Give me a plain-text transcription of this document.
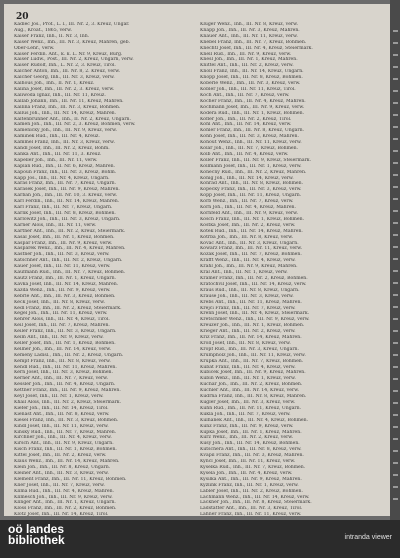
20
Kadlec Jos., Prof., L. l., III. Nr. 2, 3. Kreuz, Ungar.
Aug., Kroat., 1865, verw.
Kaiser Franz, Inh., II. Nr. 3, Inh.
Kaiser Wenz., Inh., III. Nr. 3, Kreuz, Mähren, geb.
Ober-Lehr., verw.
Kaiser Ferdin. Ant., k. k. L. Nr. 9, Kreuz, Bürg.
Kaiser Ludw., Post., III. Nr. 2, Kreuz, Ungarn, verw.
Kaiser Rudolf, Inh., L. Nr. 2, 3. Kreuz, Tirol.
Kalcher Anton, Inh., III. Nr. 8, 2. Kreuz, verw.
Kalcher Georg, Inh., III. Nr. 3, Kreuz, verw.
Kalhous Joh., Inh., II. Nr. 1, Kreuz.
Kalina Josef, Inh., III. Nr. 2, 3. Kreuz, verw.
Kaliwoda Ignaz, Inh., III. Nr. 11, Kreuz.
Kallab Johann, Inh., III. Nr. 11, Kreuz, Mähren.
Kallina Franz, Inh., III. Nr. 3, Kreuz, Böhmen.
Kallus Joh., Inh., III. Nr. 14, Kreuz, Mähren.
Kaltenbrunner Ant., Inh., II. Nr. 2, Kreuz, Ungarn.
Kamen Joh., Inh., III. Nr. 2, 3. Kreuz, Böhmen, verw.
Kamenicky Joh., Inh., III. Nr. 9, Kreuz, verw.
Kaminek Rud., Inh., III. Nr. 4, Kreuz.
Kammel Franz, Inh., III. Nr. 3, Kreuz, verw.
Kandl Josef, Inh., III. Nr. 2, Kreuz, Böhm.
Kanka Ant., Inh., III. Nr. 11, 3. Kreuz.
Kapeller Joh., Inh., III. Nr. 11, verw.
Kaplan Rud., Inh., II. Nr. 6, Kreuz, Mähren.
Kapoun Franz, Inh., III. Nr. 3, Kreuz, Böhm.
Kapp Jos., Inh., III. Nr. 4, Kreuz, Ungarn.
Karas Franz, Inh., III. Nr. 7, Kreuz, Ungarn.
Karasek Josef, Inh., III. Nr. 9, Kreuz, Mähren.
Karban Joh., Inh., III. Nr. 10, 3. Kreuz, verw.
Karl Ferdin., Inh., III. Nr. 14, Kreuz, Mähren.
Karl Franz, Inh., III. Nr. 7, Kreuz, Ungarn.
Karlik Josef, Inh., III. Nr. 8, Kreuz, Böhmen.
Karlowitz Joh., Inh., III. Nr. 3, Kreuz, Ungarn.
Karner Alois, Inh., III. Nr. 11, verw.
Kartner Ant., Inh., III. Nr. 2, Kreuz, Steiermark.
Kasal Josef, Inh., III. Nr. 1, Kreuz, Böhmen.
Kaspar Franz, Inh., III. Nr. 9, Kreuz, verw.
Kasparek Wenz., Inh., III. Nr. 4, Kreuz, Mähren.
Kastner Joh., Inh., III. Nr. 3, Kreuz, verw.
Katschner Ant., Inh., III. Nr. 2, Kreuz, Ungarn.
Kauer Josef, Inh., III. Nr. 11, Kreuz, verw.
Kaufmann Rud., Inh., III. Nr. 7, Kreuz, Böhmen.
Kautz Franz, Inh., III. Nr. 1, Kreuz, Ungarn.
Kavka Josef, Inh., III. Nr. 14, Kreuz, Mähren.
Kazda Wenz., Inh., III. Nr. 9, Kreuz, verw.
Kebrle Ant., Inh., III. Nr. 3, Kreuz, Böhmen.
Keck Josef, Inh., III. Nr. 8, Kreuz, verw.
Kedl Franz, Inh., III. Nr. 2, Kreuz, Steiermark.
Kegel Joh., Inh., III. Nr. 11, Kreuz, verw.
Kehrer Alois, Inh., III. Nr. 4, Kreuz, Tirol.
Keil Josef, Inh., III. Nr. 7, Kreuz, Mähren.
Keiler Franz, Inh., III. Nr. 3, Kreuz, Ungarn.
Keim Ant., Inh., III. Nr. 9, Kreuz, verw.
Keller Josef, Inh., III. Nr. 1, Kreuz, Böhmen.
Kellner Joh., Inh., III. Nr. 14, Kreuz, verw.
Kemeny Ladisl., Inh., III. Nr. 2, Kreuz, Ungarn.
Kempf Franz, Inh., III. Nr. 8, Kreuz, verw.
Kendl Rud., Inh., III. Nr. 11, Kreuz, Mähren.
Kern Josef, Inh., III. Nr. 3, Kreuz, Böhmen.
Kerner Ant., Inh., III. Nr. 7, Kreuz, verw.
Kessler Joh., Inh., III. Nr. 4, Kreuz, Ungarn.
Kettner Franz, Inh., III. Nr. 9, Kreuz, Mähren.
Keyl Josef, Inh., III. Nr. 1, Kreuz, verw.
Khail Alois, Inh., III. Nr. 2, Kreuz, Steiermark.
Kiefer Joh., Inh., III. Nr. 14, Kreuz, Tirol.
Kienast Ant., Inh., III. Nr. 8, Kreuz, verw.
Kiesel Franz, Inh., III. Nr. 3, Kreuz, Böhmen.
Kindl Josef, Inh., III. Nr. 11, Kreuz, verw.
Kinsky Rud., Inh., III. Nr. 7, Kreuz, Mähren.
Kirchner Joh., Inh., III. Nr. 4, Kreuz, verw.
Kirsch Ant., Inh., III. Nr. 9, Kreuz, Ungarn.
Kisch Franz, Inh., III. Nr. 1, Kreuz, Böhmen.
Kittel Josef, Inh., III. Nr. 2, Kreuz, verw.
Klaus Wenz., Inh., III. Nr. 14, Kreuz, Mähren.
Klein Joh., Inh., III. Nr. 8, Kreuz, Ungarn.
Kleiner Ant., Inh., III. Nr. 3, Kreuz, verw.
Klement Franz, Inh., III. Nr. 11, Kreuz, Böhmen.
Klier Josef, Inh., III. Nr. 7, Kreuz, verw.
Klima Rud., Inh., III. Nr. 4, Kreuz, Mähren.
Klimesch Joh., Inh., III. Nr. 9, Kreuz, verw.
Klinger Ant., Inh., III. Nr. 1, Kreuz, Ungarn.
Kloss Franz, Inh., III. Nr. 2, Kreuz, Böhmen.
Klotz Josef, Inh., III. Nr. 14, Kreuz, Tirol.
Kluger Wenz., Inh., III. Nr. 8, Kreuz, verw.
Knapp Joh., Inh., III. Nr. 3, Kreuz, Mähren.
Knauer Ant., Inh., III. Nr. 11, Kreuz, verw.
Knebel Franz, Inh., III. Nr. 7, Kreuz, Böhmen.
Knechtl Josef, Inh., III. Nr. 4, Kreuz, Steiermark.
Knell Rud., Inh., III. Nr. 9, Kreuz, verw.
Knesl Joh., Inh., III. Nr. 1, Kreuz, Mähren.
Knittel Ant., Inh., III. Nr. 2, Kreuz, verw.
Knoll Franz, Inh., III. Nr. 14, Kreuz, Ungarn.
Knopp Josef, Inh., III. Nr. 8, Kreuz, Böhmen.
Koberle Wenz., Inh., III. Nr. 3, Kreuz, verw.
Kobler Joh., Inh., III. Nr. 11, Kreuz, Tirol.
Koch Ant., Inh., III. Nr. 7, Kreuz, verw.
Kocher Franz, Inh., III. Nr. 4, Kreuz, Mähren.
Kochmann Josef, Inh., III. Nr. 9, Kreuz, verw.
Kodera Rud., Inh., III. Nr. 1, Kreuz, Böhmen.
Kofler Joh., Inh., III. Nr. 2, Kreuz, Tirol.
Kohl Ant., Inh., III. Nr. 14, Kreuz, verw.
Kohler Franz, Inh., III. Nr. 8, Kreuz, Ungarn.
Kohn Josef, Inh., III. Nr. 3, Kreuz, Mähren.
Kohout Wenz., Inh., III. Nr. 11, Kreuz, verw.
Kolar Joh., Inh., III. Nr. 7, Kreuz, Böhmen.
Kolb Ant., Inh., III. Nr. 4, Kreuz, verw.
Koller Franz, Inh., III. Nr. 9, Kreuz, Steiermark.
Kollmann Josef, Inh., III. Nr. 1, Kreuz, verw.
Konecny Rud., Inh., III. Nr. 2, Kreuz, Mähren.
Konig Joh., Inh., III. Nr. 14, Kreuz, verw.
Konrad Ant., Inh., III. Nr. 8, Kreuz, Böhmen.
Kopecky Franz, Inh., III. Nr. 3, Kreuz, verw.
Kopp Josef, Inh., III. Nr. 11, Kreuz, Ungarn.
Korb Wenz., Inh., III. Nr. 7, Kreuz, verw.
Korn Joh., Inh., III. Nr. 4, Kreuz, Mähren.
Kornfeld Ant., Inh., III. Nr. 9, Kreuz, verw.
Kosch Franz, Inh., III. Nr. 1, Kreuz, Böhmen.
Kostka Josef, Inh., III. Nr. 2, Kreuz, verw.
Kotek Rud., Inh., III. Nr. 14, Kreuz, Mähren.
Kotrba Joh., Inh., III. Nr. 8, Kreuz, verw.
Kovac Ant., Inh., III. Nr. 3, Kreuz, Ungarn.
Kowarz Franz, Inh., III. Nr. 11, Kreuz, verw.
Kozak Josef, Inh., III. Nr. 7, Kreuz, Böhmen.
Krafft Wenz., Inh., III. Nr. 4, Kreuz, verw.
Krahl Joh., Inh., III. Nr. 9, Kreuz, Mähren.
Kral Ant., Inh., III. Nr. 1, Kreuz, verw.
Kramer Franz, Inh., III. Nr. 2, Kreuz, Böhmen.
Kratochvil Josef, Inh., III. Nr. 14, Kreuz, verw.
Kraus Rud., Inh., III. Nr. 8, Kreuz, Ungarn.
Krause Joh., Inh., III. Nr. 3, Kreuz, verw.
Krebs Ant., Inh., III. Nr. 11, Kreuz, Mähren.
Krejci Franz, Inh., III. Nr. 7, Kreuz, verw.
Krenn Josef, Inh., III. Nr. 4, Kreuz, Steiermark.
Kretschmer Wenz., Inh., III. Nr. 9, Kreuz, verw.
Kreuzer Joh., Inh., III. Nr. 1, Kreuz, Böhmen.
Krieger Ant., Inh., III. Nr. 2, Kreuz, verw.
Kriz Franz, Inh., III. Nr. 14, Kreuz, Mähren.
Kroll Josef, Inh., III. Nr. 8, Kreuz, verw.
Kropf Rud., Inh., III. Nr. 3, Kreuz, Ungarn.
Krumpholz Joh., Inh., III. Nr. 11, Kreuz, verw.
Krupka Ant., Inh., III. Nr. 7, Kreuz, Böhmen.
Kubat Franz, Inh., III. Nr. 4, Kreuz, verw.
Kubicek Josef, Inh., III. Nr. 9, Kreuz, Mähren.
Kubin Wenz., Inh., III. Nr. 1, Kreuz, verw.
Kuchar Joh., Inh., III. Nr. 2, Kreuz, Böhmen.
Kuchler Ant., Inh., III. Nr. 14, Kreuz, verw.
Kudrna Franz, Inh., III. Nr. 8, Kreuz, Mähren.
Kugler Josef, Inh., III. Nr. 3, Kreuz, verw.
Kuhn Rud., Inh., III. Nr. 11, Kreuz, Ungarn.
Kukla Joh., Inh., III. Nr. 7, Kreuz, verw.
Kulhanek Ant., Inh., III. Nr. 4, Kreuz, Böhmen.
Kunz Franz, Inh., III. Nr. 9, Kreuz, verw.
Kupka Josef, Inh., III. Nr. 1, Kreuz, Mähren.
Kurz Wenz., Inh., III. Nr. 2, Kreuz, verw.
Kusy Joh., Inh., III. Nr. 14, Kreuz, Böhmen.
Kutschera Ant., Inh., III. Nr. 8, Kreuz, verw.
Kvapil Franz, Inh., III. Nr. 3, Kreuz, Mähren.
Kyncl Josef, Inh., III. Nr. 11, Kreuz, verw.
Kyselka Rud., Inh., III. Nr. 7, Kreuz, Böhmen.
Kysela Joh., Inh., III. Nr. 4, Kreuz, verw.
Kysilka Ant., Inh., III. Nr. 9, Kreuz, Mähren.
Kyzlink Franz, Inh., III. Nr. 1, Kreuz, verw.
Labler Josef, Inh., III. Nr. 2, Kreuz, Böhmen.
Lachmann Wenz., Inh., III. Nr. 14, Kreuz, verw.
Lackner Joh., Inh., III. Nr. 8, Kreuz, Steiermark.
Ladstätter Ant., Inh., III. Nr. 3, Kreuz, Tirol.
Lahner Franz, Inh., III. Nr. 11, Kreuz, verw.
oö landes
bibliothek	intranda viewer
